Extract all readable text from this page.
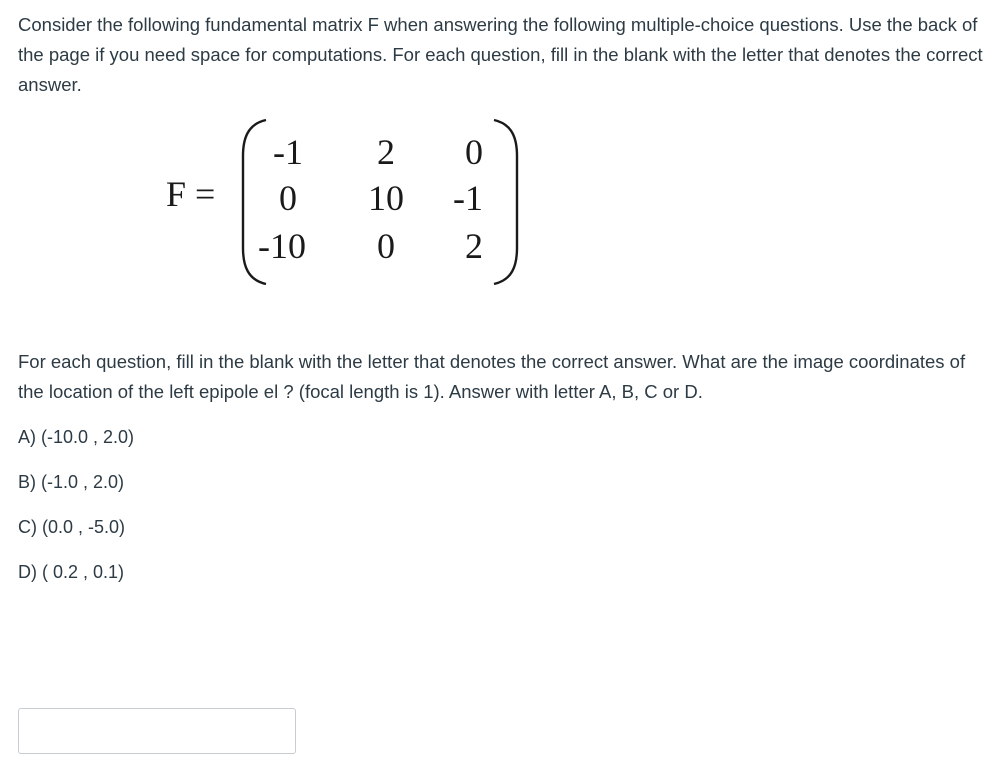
Consider the following fundamental matrix F when answering the following multiple-choice questions. Use the back of the page if you need space for computations. For each question, fill in the blank with the letter that denotes the correct answer.

F =
-1	2	0
0	10	-1
-10	0	2

For each question, fill in the blank with the letter that denotes the correct answer. What are the image coordinates of the location of the left epipole el ? (focal length is 1). Answer with letter A, B, C or D.

A) (-10.0 , 2.0)

B) (-1.0 , 2.0)

C) (0.0 , -5.0)

D) ( 0.2 , 0.1)
